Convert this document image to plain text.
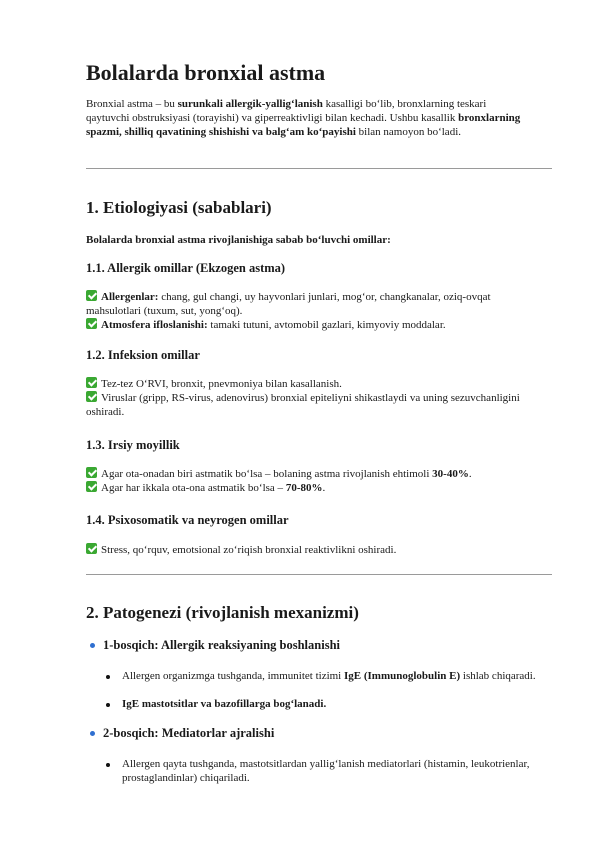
Bolalarda bronxial astma

Bronxial astma – bu surunkali allergik-yallig‘lanish kasalligi bo‘lib, bronxlarning teskari qaytuvchi obstruksiyasi (torayishi) va giperreaktivligi bilan kechadi. Ushbu kasallik bronxlarning spazmi, shilliq qavatining shishishi va balg‘am ko‘payishi bilan namoyon bo‘ladi.

1. Etiologiyasi (sabablari)
Bolalarda bronxial astma rivojlanishiga sabab bo‘luvchi omillar:
1.1. Allergik omillar (Ekzogen astma)

Allergenlar: chang, gul changi, uy hayvonlari junlari, mog‘or, changkanalar, oziq-ovqat mahsulotlari (tuxum, sut, yong‘oq).

Atmosfera ifloslanishi: tamaki tutuni, avtomobil gazlari, kimyoviy moddalar.

1.2. Infeksion omillar

Tez-tez O‘RVI, bronxit, pnevmoniya bilan kasallanish.

Viruslar (gripp, RS-virus, adenovirus) bronxial epiteliyni shikastlaydi va uning sezuvchanligini oshiradi.

1.3. Irsiy moyillik

Agar ota-onadan biri astmatik bo‘lsa – bolaning astma rivojlanish ehtimoli 30-40%.

Agar har ikkala ota-ona astmatik bo‘lsa – 70-80%.

1.4. Psixosomatik va neyrogen omillar

Stress, qo‘rquv, emotsional zo‘riqish bronxial reaktivlikni oshiradi.

2. Patogenezi (rivojlanish mexanizmi)
1-bosqich: Allergik reaksiyaning boshlanishi

Allergen organizmga tushganda, immunitet tizimi IgE (Immunoglobulin E) ishlab chiqaradi.

IgE mastotsitlar va bazofillarga bog‘lanadi.

2-bosqich: Mediatorlar ajralishi

Allergen qayta tushganda, mastotsitlardan yallig‘lanish mediatorlari (histamin, leukotrienlar, prostaglandinlar) chiqariladi.
